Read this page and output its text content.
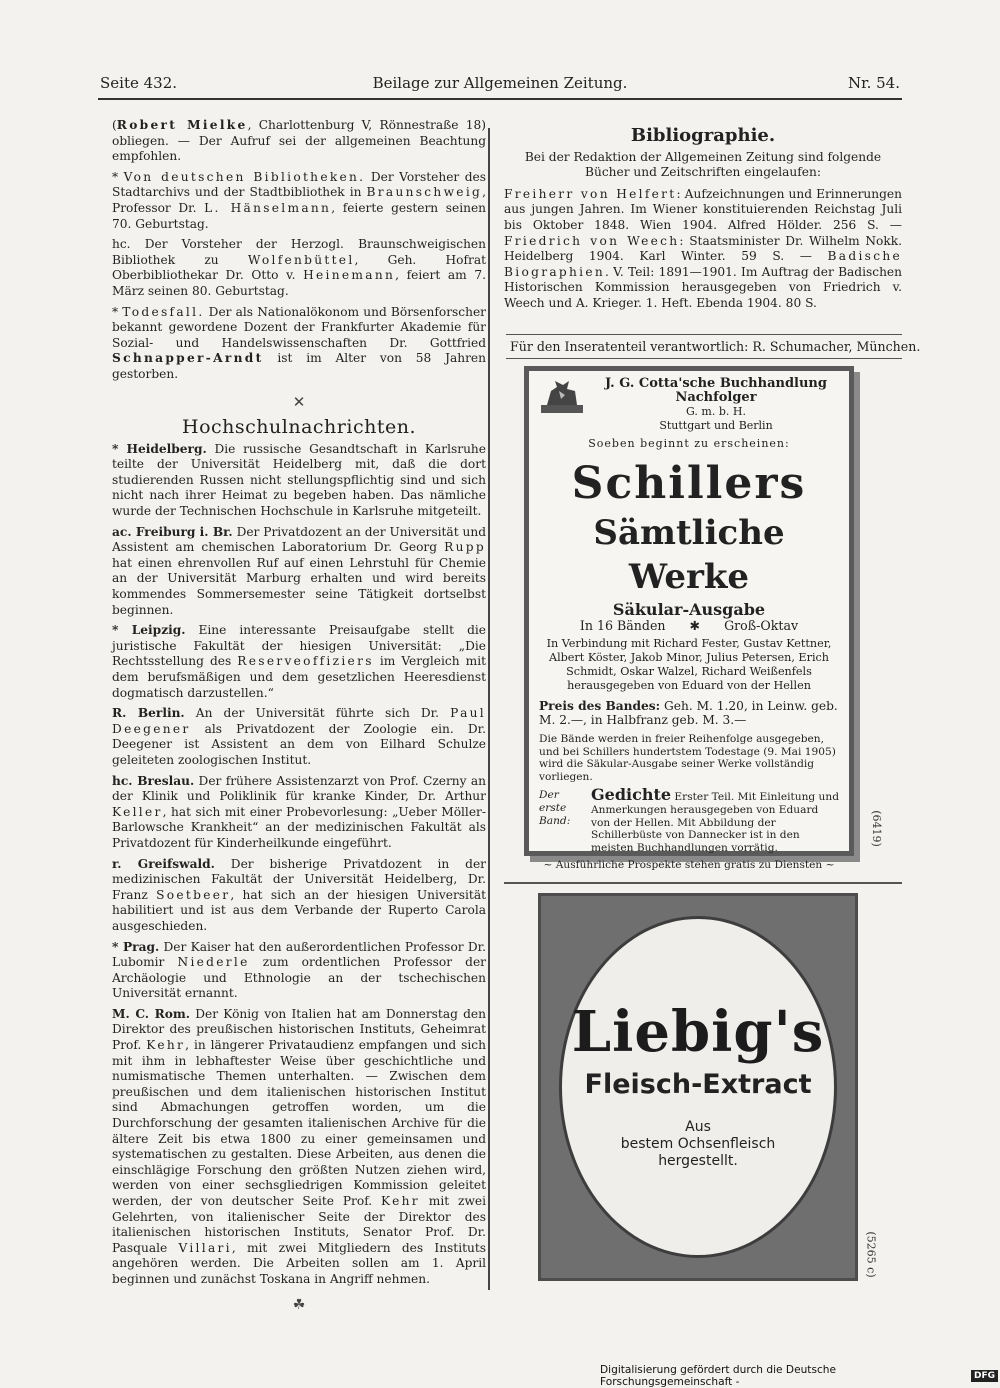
Seite 432.	Beilage zur Allgemeinen Zeitung.	Nr. 54.

(Robert Mielke, Charlottenburg V, Rönnestraße 18) obliegen. — Der Aufruf sei der allgemeinen Beachtung empfohlen.

* Von deutschen Bibliotheken. Der Vorsteher des Stadtarchivs und der Stadtbibliothek in Braunschweig, Professor Dr. L. Hänselmann, feierte gestern seinen 70. Geburtstag.

hc. Der Vorsteher der Herzogl. Braunschweigischen Bibliothek zu Wolfenbüttel, Geh. Hofrat Oberbibliothekar Dr. Otto v. Heinemann, feiert am 7. März seinen 80. Geburtstag.

* Todesfall. Der als Nationalökonom und Börsenforscher bekannt gewordene Dozent der Frankfurter Akademie für Sozial- und Handelswissenschaften Dr. Gottfried Schnapper-Arndt ist im Alter von 58 Jahren gestorben.

✕
Hochschulnachrichten.

* Heidelberg. Die russische Gesandtschaft in Karlsruhe teilte der Universität Heidelberg mit, daß die dort studierenden Russen nicht stellungspflichtig sind und sich nicht nach ihrer Heimat zu begeben haben. Das nämliche wurde der Technischen Hochschule in Karlsruhe mitgeteilt.

ac. Freiburg i. Br. Der Privatdozent an der Universität und Assistent am chemischen Laboratorium Dr. Georg Rupp hat einen ehrenvollen Ruf auf einen Lehrstuhl für Chemie an der Universität Marburg erhalten und wird bereits kommendes Sommersemester seine Tätigkeit dortselbst beginnen.

* Leipzig. Eine interessante Preisaufgabe stellt die juristische Fakultät der hiesigen Universität: „Die Rechtsstellung des Reserveoffiziers im Vergleich mit dem berufsmäßigen und dem gesetzlichen Heeresdienst dogmatisch darzustellen.“

R. Berlin. An der Universität führte sich Dr. Paul Deegener als Privatdozent der Zoologie ein. Dr. Deegener ist Assistent an dem von Eilhard Schulze geleiteten zoologischen Institut.

hc. Breslau. Der frühere Assistenzarzt von Prof. Czerny an der Klinik und Poliklinik für kranke Kinder, Dr. Arthur Keller, hat sich mit einer Probevorlesung: „Ueber Möller-Barlowsche Krankheit“ an der medizinischen Fakultät als Privatdozent für Kinderheilkunde eingeführt.

r. Greifswald. Der bisherige Privatdozent in der medizinischen Fakultät der Universität Heidelberg, Dr. Franz Soetbeer, hat sich an der hiesigen Universität habilitiert und ist aus dem Verbande der Ruperto Carola ausgeschieden.

* Prag. Der Kaiser hat den außerordentlichen Professor Dr. Lubomir Niederle zum ordentlichen Professor der Archäologie und Ethnologie an der tschechischen Universität ernannt.

M. C. Rom. Der König von Italien hat am Donnerstag den Direktor des preußischen historischen Instituts, Geheimrat Prof. Kehr, in längerer Privataudienz empfangen und sich mit ihm in lebhaftester Weise über geschichtliche und numismatische Themen unterhalten. — Zwischen dem preußischen und dem italienischen historischen Institut sind Abmachungen getroffen worden, um die Durchforschung der gesamten italienischen Archive für die ältere Zeit bis etwa 1800 zu einer gemeinsamen und systematischen zu gestalten. Diese Arbeiten, aus denen die einschlägige Forschung den größten Nutzen ziehen wird, werden von einer sechsgliedrigen Kommission geleitet werden, der von deutscher Seite Prof. Kehr mit zwei Gelehrten, von italienischer Seite der Direktor des italienischen historischen Instituts, Senator Prof. Dr. Pasquale Villari, mit zwei Mitgliedern des Instituts angehören werden. Die Arbeiten sollen am 1. April beginnen und zunächst Toskana in Angriff nehmen.

☘
Bibliographie.

Bei der Redaktion der Allgemeinen Zeitung sind folgende Bücher und Zeitschriften eingelaufen:

Freiherr von Helfert: Aufzeichnungen und Erinnerungen aus jungen Jahren. Im Wiener konstituierenden Reichstag Juli bis Oktober 1848. Wien 1904. Alfred Hölder. 256 S. — Friedrich von Weech: Staatsminister Dr. Wilhelm Nokk. Heidelberg 1904. Karl Winter. 59 S. — Badische Biographien. V. Teil: 1891—1901. Im Auftrag der Badischen Historischen Kommission herausgegeben von Friedrich v. Weech und A. Krieger. 1. Heft. Ebenda 1904. 80 S.

Für den Inseratenteil verantwortlich: R. Schumacher, München.
J. G. Cotta'sche Buchhandlung Nachfolger
G. m. b. H.
Stuttgart und Berlin
Soeben beginnt zu erscheinen:
Schillers
Sämtliche Werke
Säkular-Ausgabe
In 16 Bänden ✱ Groß-Oktav
In Verbindung mit Richard Fester, Gustav Kettner, Albert Köster, Jakob Minor, Julius Petersen, Erich Schmidt, Oskar Walzel, Richard Weißenfels herausgegeben von Eduard von der Hellen
Preis des Bandes: Geh. M. 1.20, in Leinw. geb. M. 2.—, in Halbfranz geb. M. 3.—
Die Bände werden in freier Reihenfolge ausgegeben, und bei Schillers hundertstem Todestage (9. Mai 1905) wird die Säkular-Ausgabe seiner Werke vollständig vorliegen.
Der erste Band:
Gedichte Erster Teil. Mit Einleitung und Anmerkungen herausgegeben von Eduard von der Hellen. Mit Abbildung der Schillerbüste von Dannecker ist in den meisten Buchhandlungen vorrätig.
~ Ausführliche Prospekte stehen gratis zu Diensten ~
(6419)
Liebig's
Fleisch-Extract
Aus
bestem Ochsenfleisch
hergestellt.
(5265 c)
Digitalisierung gefördert durch die Deutsche Forschungsgemeinschaft -	DFG
